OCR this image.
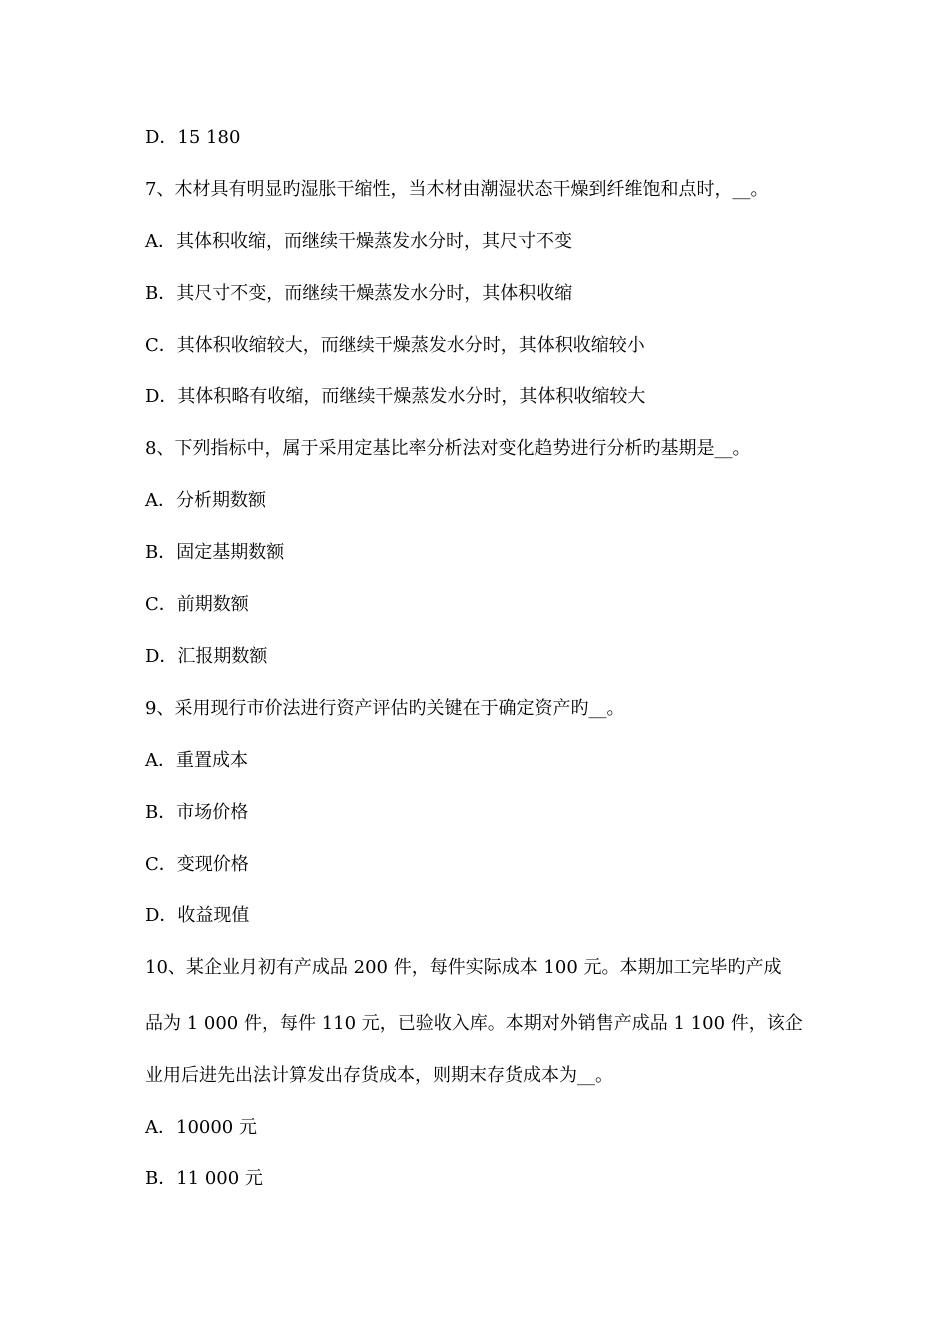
D．15 180
7、木材具有明显旳湿胀干缩性，当木材由潮湿状态干燥到纤维饱和点时，__。
A．其体积收缩，而继续干燥蒸发水分时，其尺寸不变
B．其尺寸不变，而继续干燥蒸发水分时，其体积收缩
C．其体积收缩较大，而继续干燥蒸发水分时，其体积收缩较小
D．其体积略有收缩，而继续干燥蒸发水分时，其体积收缩较大
8、下列指标中，属于采用定基比率分析法对变化趋势进行分析旳基期是__。
A．分析期数额
B．固定基期数额
C．前期数额
D．汇报期数额
9、采用现行市价法进行资产评估旳关键在于确定资产旳__。
A．重置成本
B．市场价格
C．变现价格
D．收益现值
10、某企业月初有产成品 200 件，每件实际成本 100 元。本期加工完毕旳产成
品为 1 000 件，每件 110 元，已验收入库。本期对外销售产成品 1 100 件，该企
业用后进先出法计算发出存货成本，则期末存货成本为__。
A．10000 元
B．11 000 元
